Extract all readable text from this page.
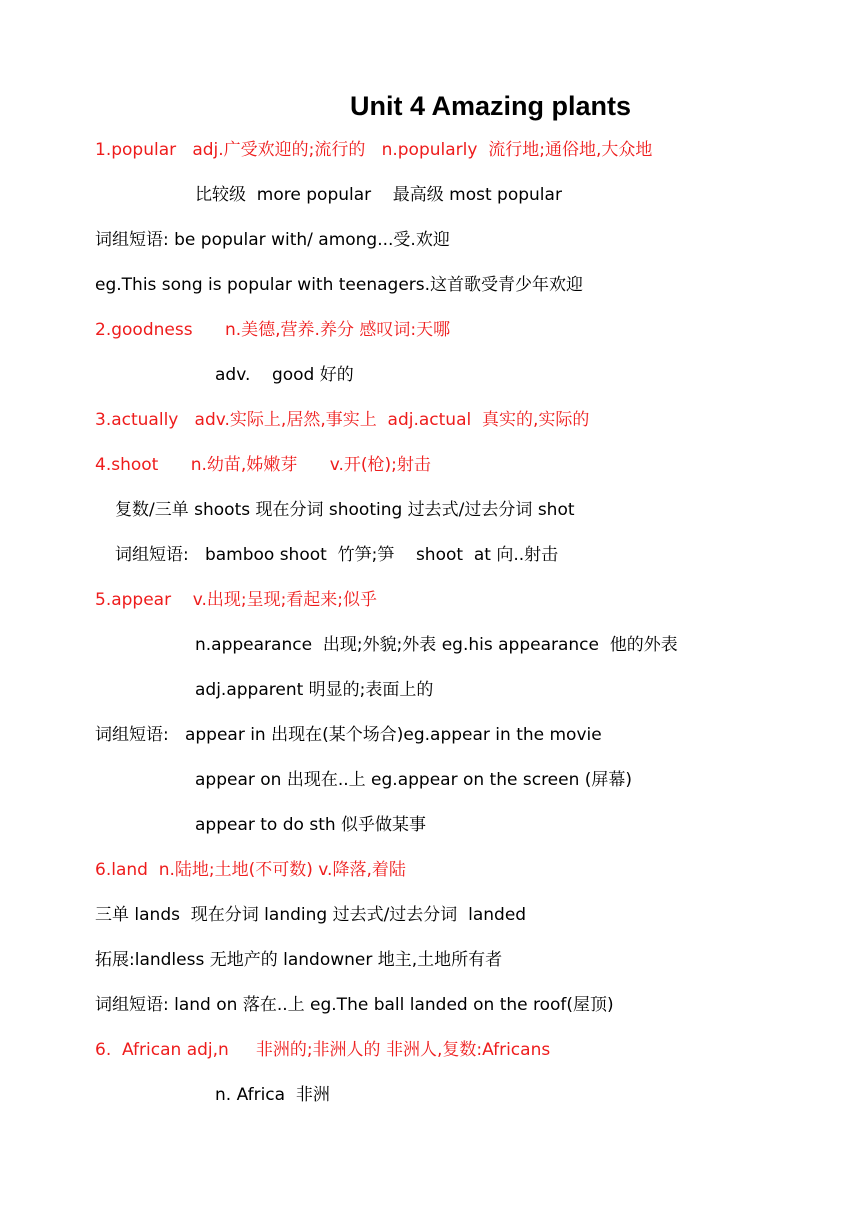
Unit 4 Amazing plants
1.popular   adj.广受欢迎的;流行的   n.popularly  流行地;通俗地,大众地
比较级  more popular    最高级 most popular
词组短语: be popular with/ among...受.欢迎
eg.This song is popular with teenagers.这首歌受青少年欢迎
2.goodness      n.美德,营养.养分 感叹词:天哪
adv.    good 好的
3.actually   adv.实际上,居然,事实上  adj.actual  真实的,实际的
4.shoot      n.幼苗,姊嫩芽      v.开(枪);射击
复数/三单 shoots 现在分词 shooting 过去式/过去分词 shot
词组短语:   bamboo shoot  竹笋;笋    shoot  at 向..射击
5.appear    v.出现;呈现;看起来;似乎
n.appearance  出现;外貌;外表 eg.his appearance  他的外表
adj.apparent 明显的;表面上的
词组短语:   appear in 出现在(某个场合)eg.appear in the movie
appear on 出现在..上 eg.appear on the screen (屏幕)
appear to do sth 似乎做某事
6.land  n.陆地;土地(不可数) v.降落,着陆
三单 lands  现在分词 landing 过去式/过去分词  landed
拓展:landless 无地产的 landowner 地主,土地所有者
词组短语: land on 落在..上 eg.The ball landed on the roof(屋顶)
6.  African adj,n     非洲的;非洲人的 非洲人,复数:Africans
n. Africa  非洲
